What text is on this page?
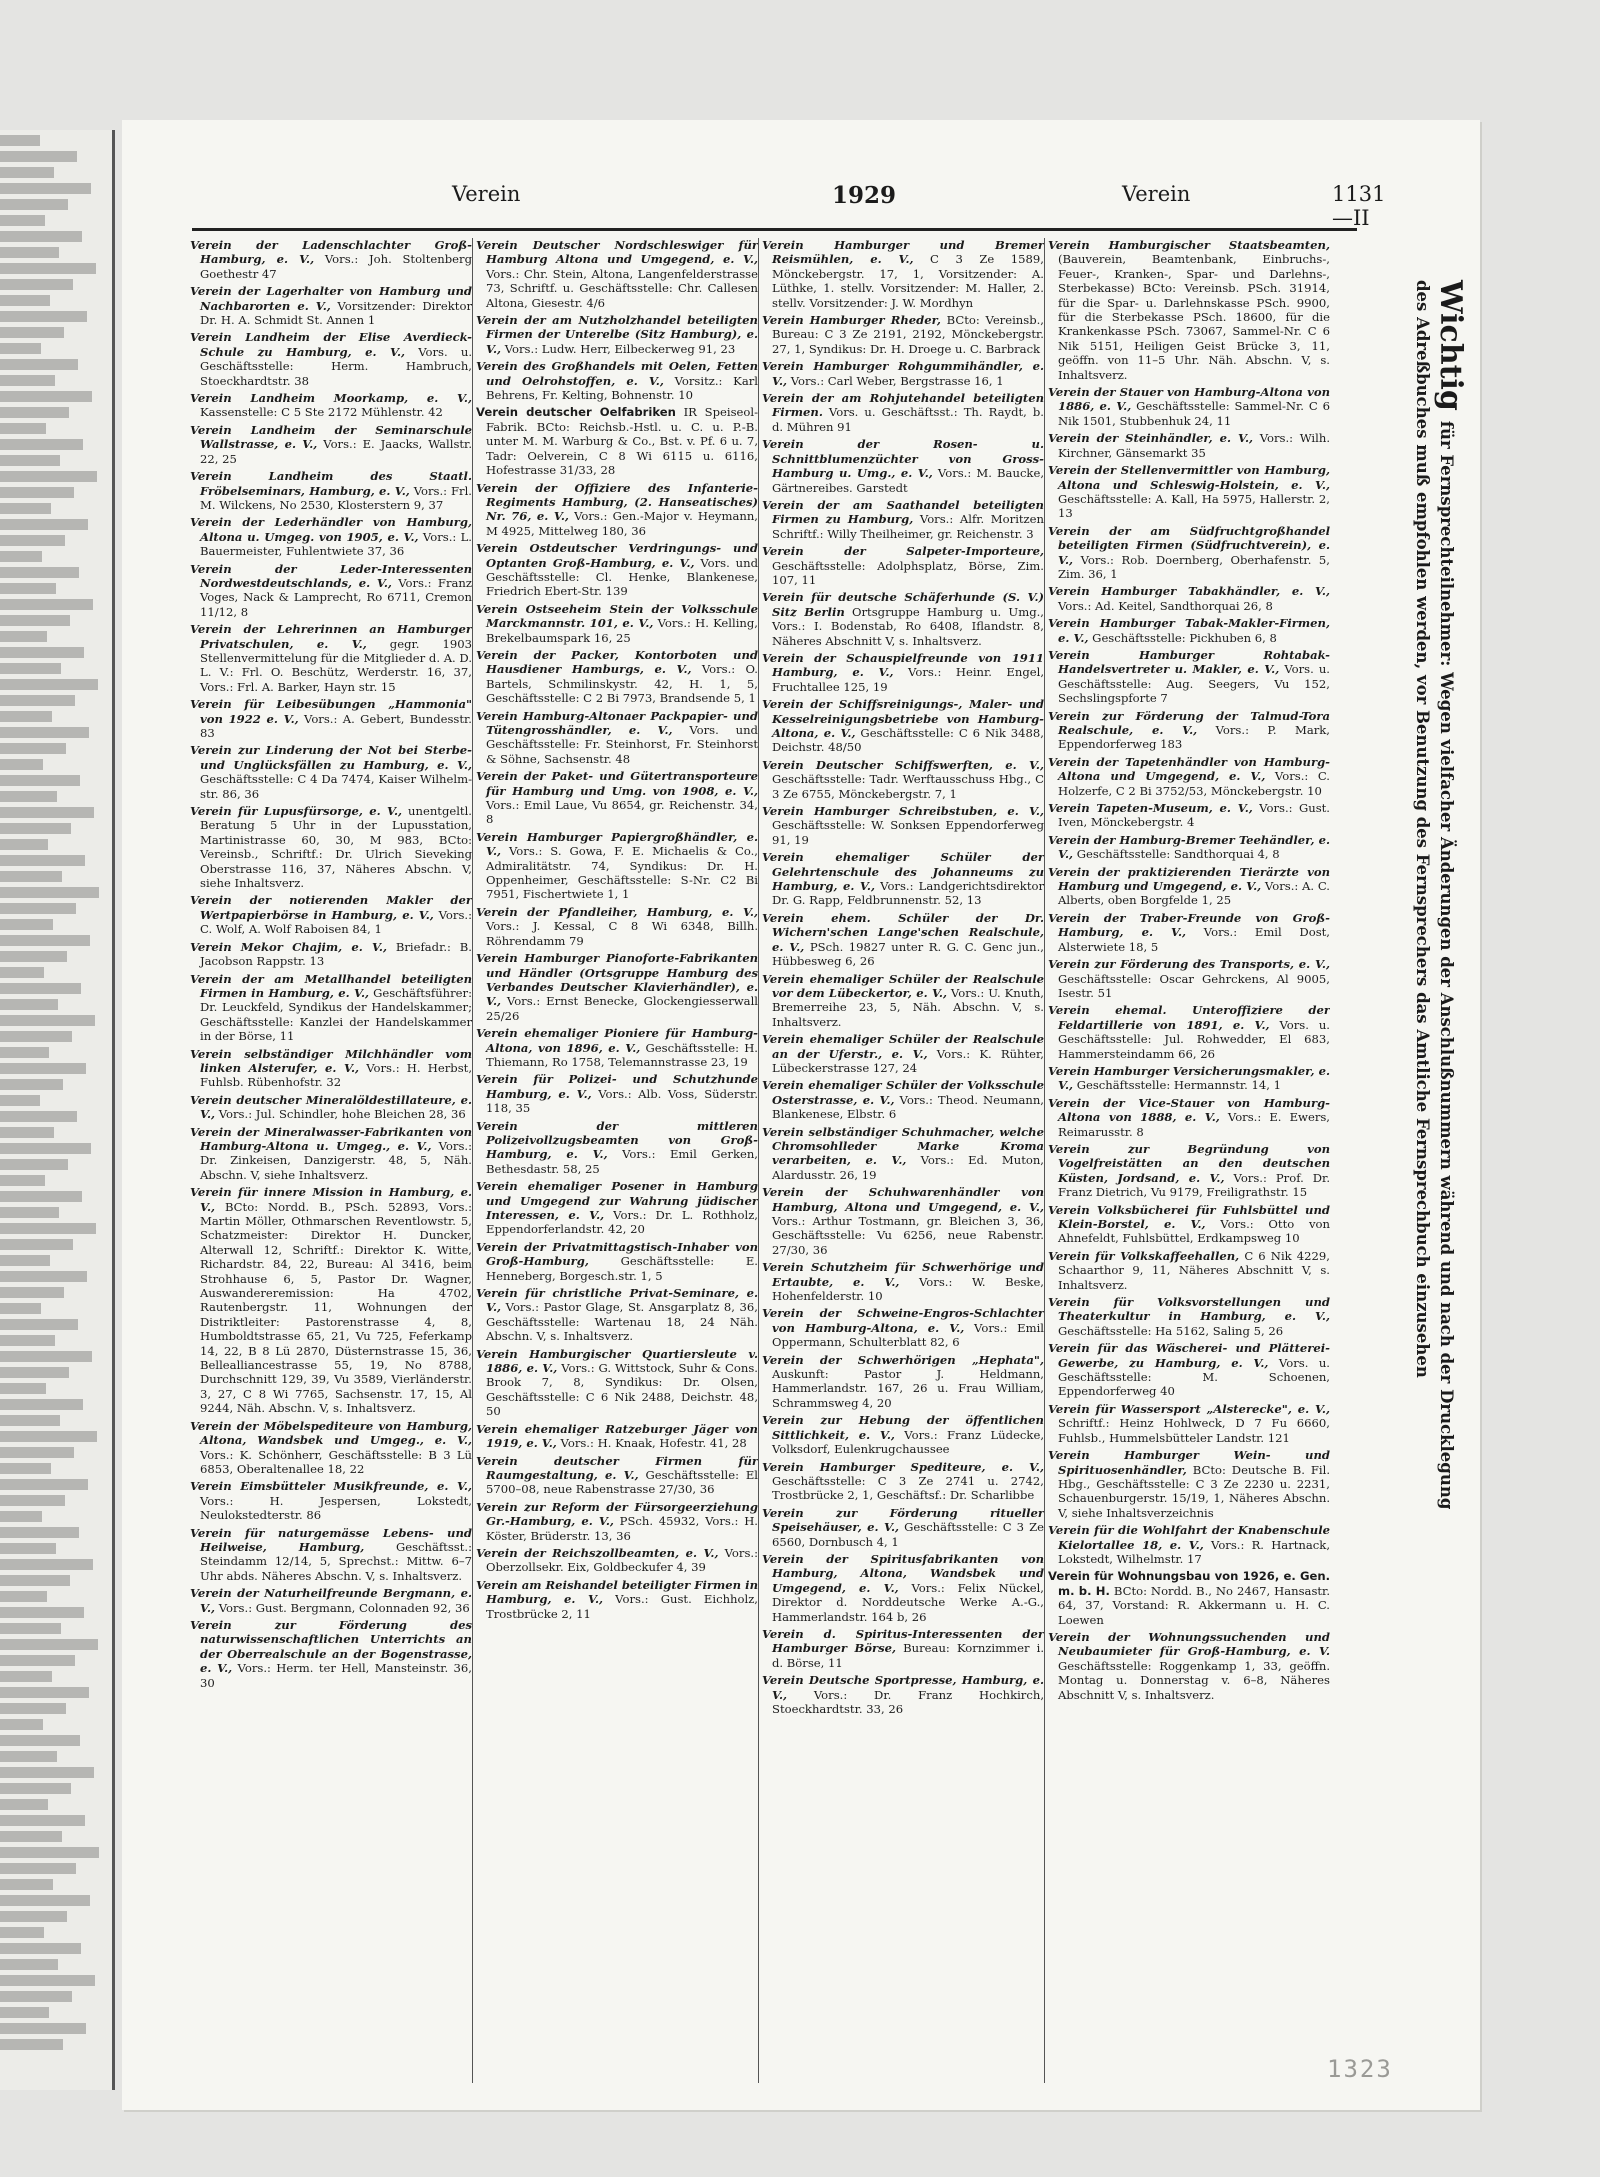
Verein	1929	Verein	1131—II
Verein der Ladenschlachter Groß-Hamburg, e. V., Vors.: Joh. Stoltenberg Goethestr 47
Verein der Lagerhalter von Hamburg und Nachbarorten e. V., Vorsitzender: Direktor Dr. H. A. Schmidt St. Annen 1
Verein Landheim der Elise Averdieck-Schule zu Hamburg, e. V., Vors. u. Geschäftsstelle: Herm. Hambruch, Stoeckhardtstr. 38
Verein Landheim Moorkamp, e. V., Kassenstelle: C 5 Ste 2172 Mühlenstr. 42
Verein Landheim der Seminarschule Wallstrasse, e. V., Vors.: E. Jaacks, Wallstr. 22, 25
Verein Landheim des Staatl. Fröbelseminars, Hamburg, e. V., Vors.: Frl. M. Wilckens, No 2530, Klosterstern 9, 37
Verein der Lederhändler von Hamburg, Altona u. Umgeg. von 1905, e. V., Vors.: L. Bauermeister, Fuhlentwiete 37, 36
Verein der Leder-Interessenten Nordwestdeutschlands, e. V., Vors.: Franz Voges, Nack & Lamprecht, Ro 6711, Cremon 11/12, 8
Verein der Lehrerinnen an Hamburger Privatschulen, e. V., gegr. 1903 Stellenvermittelung für die Mitglieder d. A. D. L. V.: Frl. O. Beschütz, Werderstr. 16, 37, Vors.: Frl. A. Barker, Hayn str. 15
Verein für Leibesübungen „Hammonia" von 1922 e. V., Vors.: A. Gebert, Bundesstr. 83
Verein zur Linderung der Not bei Sterbe- und Unglücksfällen zu Hamburg, e. V., Geschäftsstelle: C 4 Da 7474, Kaiser Wilhelm-str. 86, 36
Verein für Lupusfürsorge, e. V., unentgeltl. Beratung 5 Uhr in der Lupusstation, Martinistrasse 60, 30, M 983, BCto: Vereinsb., Schriftf.: Dr. Ulrich Sieveking Oberstrasse 116, 37, Näheres Abschn. V, siehe Inhaltsverz.
Verein der notierenden Makler der Wertpapierbörse in Hamburg, e. V., Vors.: C. Wolf, A. Wolf Raboisen 84, 1
Verein Mekor Chajim, e. V., Briefadr.: B. Jacobson Rappstr. 13
Verein der am Metallhandel beteiligten Firmen in Hamburg, e. V., Geschäftsführer: Dr. Leuckfeld, Syndikus der Handelskammer; Geschäftsstelle: Kanzlei der Handelskammer in der Börse, 11
Verein selbständiger Milchhändler vom linken Alsterufer, e. V., Vors.: H. Herbst, Fuhlsb. Rübenhofstr. 32
Verein deutscher Mineralöldestillateure, e. V., Vors.: Jul. Schindler, hohe Bleichen 28, 36
Verein der Mineralwasser-Fabrikanten von Hamburg-Altona u. Umgeg., e. V., Vors.: Dr. Zinkeisen, Danzigerstr. 48, 5, Näh. Abschn. V, siehe Inhaltsverz.
Verein für innere Mission in Hamburg, e. V., BCto: Nordd. B., PSch. 52893, Vors.: Martin Möller, Othmarschen Reventlowstr. 5, Schatzmeister: Direktor H. Duncker, Alterwall 12, Schriftf.: Direktor K. Witte, Richardstr. 84, 22, Bureau: Al 3416, beim Strohhause 6, 5, Pastor Dr. Wagner, Auswandereremission: Ha 4702, Rautenbergstr. 11, Wohnungen der Distriktleiter: Pastorenstrasse 4, 8, Humboldtstrasse 65, 21, Vu 725, Feferkamp 14, 22, B 8 Lü 2870, Düsternstrasse 15, 36, Bellealliancestrasse 55, 19, No 8788, Durchschnitt 129, 39, Vu 3589, Vierländerstr. 3, 27, C 8 Wi 7765, Sachsenstr. 17, 15, Al 9244, Näh. Abschn. V, s. Inhaltsverz.
Verein der Möbelspediteure von Hamburg, Altona, Wandsbek und Umgeg., e. V., Vors.: K. Schönherr, Geschäftsstelle: B 3 Lü 6853, Oberaltenallee 18, 22
Verein Eimsbütteler Musikfreunde, e. V., Vors.: H. Jespersen, Lokstedt, Neulokstedterstr. 86
Verein für naturgemässe Lebens- und Heilweise, Hamburg, Geschäftsst.: Steindamm 12/14, 5, Sprechst.: Mittw. 6–7 Uhr abds. Näheres Abschn. V, s. Inhaltsverz.
Verein der Naturheilfreunde Bergmann, e. V., Vors.: Gust. Bergmann, Colonnaden 92, 36
Verein zur Förderung des naturwissenschaftlichen Unterrichts an der Oberrealschule an der Bogenstrasse, e. V., Vors.: Herm. ter Hell, Mansteinstr. 36, 30
Verein Deutscher Nordschleswiger für Hamburg Altona und Umgegend, e. V., Vors.: Chr. Stein, Altona, Langenfelderstrasse 73, Schriftf. u. Geschäftsstelle: Chr. Callesen Altona, Giesestr. 4/6
Verein der am Nutzholzhandel beteiligten Firmen der Unterelbe (Sitz Hamburg), e. V., Vors.: Ludw. Herr, Eilbeckerweg 91, 23
Verein des Großhandels mit Oelen, Fetten und Oelrohstoffen, e. V., Vorsitz.: Karl Behrens, Fr. Kelting, Bohnenstr. 10
Verein deutscher Oelfabriken IR Speiseol-Fabrik. BCto: Reichsb.-Hstl. u. C. u. P.-B. unter M. M. Warburg & Co., Bst. v. Pf. 6 u. 7, Tadr: Oelverein, C 8 Wi 6115 u. 6116, Hofestrasse 31/33, 28
Verein der Offiziere des Infanterie-Regiments Hamburg, (2. Hanseatisches) Nr. 76, e. V., Vors.: Gen.-Major v. Heymann, M 4925, Mittelweg 180, 36
Verein Ostdeutscher Verdringungs- und Optanten Groß-Hamburg, e. V., Vors. und Geschäftsstelle: Cl. Henke, Blankenese, Friedrich Ebert-Str. 139
Verein Ostseeheim Stein der Volksschule Marckmannstr. 101, e. V., Vors.: H. Kelling, Brekelbaumspark 16, 25
Verein der Packer, Kontorboten und Hausdiener Hamburgs, e. V., Vors.: O. Bartels, Schmilinskystr. 42, H. 1, 5, Geschäftsstelle: C 2 Bi 7973, Brandsende 5, 1
Verein Hamburg-Altonaer Packpapier- und Tütengrosshändler, e. V., Vors. und Geschäftsstelle: Fr. Steinhorst, Fr. Steinhorst & Söhne, Sachsenstr. 48
Verein der Paket- und Gütertransporteure für Hamburg und Umg. von 1908, e. V., Vors.: Emil Laue, Vu 8654, gr. Reichenstr. 34, 8
Verein Hamburger Papiergroßhändler, e. V., Vors.: S. Gowa, F. E. Michaelis & Co., Admiralitätstr. 74, Syndikus: Dr. H. Oppenheimer, Geschäftsstelle: S-Nr. C2 Bi 7951, Fischertwiete 1, 1
Verein der Pfandleiher, Hamburg, e. V., Vors.: J. Kessal, C 8 Wi 6348, Billh. Röhrendamm 79
Verein Hamburger Pianoforte-Fabrikanten und Händler (Ortsgruppe Hamburg des Verbandes Deutscher Klavierhändler), e. V., Vors.: Ernst Benecke, Glockengiesserwall 25/26
Verein ehemaliger Pioniere für Hamburg-Altona, von 1896, e. V., Geschäftsstelle: H. Thiemann, Ro 1758, Telemannstrasse 23, 19
Verein für Polizei- und Schutzhunde Hamburg, e. V., Vors.: Alb. Voss, Süderstr. 118, 35
Verein der mittleren Polizeivollzugsbeamten von Groß-Hamburg, e. V., Vors.: Emil Gerken, Bethesdastr. 58, 25
Verein ehemaliger Posener in Hamburg und Umgegend zur Wahrung jüdischer Interessen, e. V., Vors.: Dr. L. Rothholz, Eppendorferlandstr. 42, 20
Verein der Privatmittagstisch-Inhaber von Groß-Hamburg, Geschäftsstelle: E. Henneberg, Borgesch.str. 1, 5
Verein für christliche Privat-Seminare, e. V., Vors.: Pastor Glage, St. Ansgarplatz 8, 36, Geschäftsstelle: Wartenau 18, 24 Näh. Abschn. V, s. Inhaltsverz.
Verein Hamburgischer Quartiersleute v. 1886, e. V., Vors.: G. Wittstock, Suhr & Cons. Brook 7, 8, Syndikus: Dr. Olsen, Geschäftsstelle: C 6 Nik 2488, Deichstr. 48, 50
Verein ehemaliger Ratzeburger Jäger von 1919, e. V., Vors.: H. Knaak, Hofestr. 41, 28
Verein deutscher Firmen für Raumgestaltung, e. V., Geschäftsstelle: El 5700–08, neue Rabenstrasse 27/30, 36
Verein zur Reform der Fürsorgeerziehung Gr.-Hamburg, e. V., PSch. 45932, Vors.: H. Köster, Brüderstr. 13, 36
Verein der Reichszollbeamten, e. V., Vors.: Oberzollsekr. Eix, Goldbeckufer 4, 39
Verein am Reishandel beteiligter Firmen in Hamburg, e. V., Vors.: Gust. Eichholz, Trostbrücke 2, 11
Verein Hamburger und Bremer Reismühlen, e. V., C 3 Ze 1589, Mönckebergstr. 17, 1, Vorsitzender: A. Lüthke, 1. stellv. Vorsitzender: M. Haller, 2. stellv. Vorsitzender: J. W. Mordhyn
Verein Hamburger Rheder, BCto: Vereinsb., Bureau: C 3 Ze 2191, 2192, Mönckebergstr. 27, 1, Syndikus: Dr. H. Droege u. C. Barbrack
Verein Hamburger Rohgummihändler, e. V., Vors.: Carl Weber, Bergstrasse 16, 1
Verein der am Rohjutehandel beteiligten Firmen. Vors. u. Geschäftsst.: Th. Raydt, b. d. Mühren 91
Verein der Rosen- u. Schnittblumenzüchter von Gross-Hamburg u. Umg., e. V., Vors.: M. Baucke, Gärtnereibes. Garstedt
Verein der am Saathandel beteiligten Firmen zu Hamburg, Vors.: Alfr. Moritzen Schriftf.: Willy Theilheimer, gr. Reichenstr. 3
Verein der Salpeter-Importeure, Geschäftsstelle: Adolphsplatz, Börse, Zim. 107, 11
Verein für deutsche Schäferhunde (S. V.) Sitz Berlin Ortsgruppe Hamburg u. Umg., Vors.: I. Bodenstab, Ro 6408, Iflandstr. 8, Näheres Abschnitt V, s. Inhaltsverz.
Verein der Schauspielfreunde von 1911 Hamburg, e. V., Vors.: Heinr. Engel, Fruchtallee 125, 19
Verein der Schiffsreinigungs-, Maler- und Kesselreinigungsbetriebe von Hamburg-Altona, e. V., Geschäftsstelle: C 6 Nik 3488, Deichstr. 48/50
Verein Deutscher Schiffswerften, e. V., Geschäftsstelle: Tadr. Werftausschuss Hbg., C 3 Ze 6755, Mönckebergstr. 7, 1
Verein Hamburger Schreibstuben, e. V., Geschäftsstelle: W. Sonksen Eppendorferweg 91, 19
Verein ehemaliger Schüler der Gelehrtenschule des Johanneums zu Hamburg, e. V., Vors.: Landgerichtsdirektor Dr. G. Rapp, Feldbrunnenstr. 52, 13
Verein ehem. Schüler der Dr. Wichern'schen Lange'schen Realschule, e. V., PSch. 19827 unter R. G. C. Genc jun., Hübbesweg 6, 26
Verein ehemaliger Schüler der Realschule vor dem Lübeckertor, e. V., Vors.: U. Knuth, Bremerreihe 23, 5, Näh. Abschn. V, s. Inhaltsverz.
Verein ehemaliger Schüler der Realschule an der Uferstr., e. V., Vors.: K. Rühter, Lübeckerstrasse 127, 24
Verein ehemaliger Schüler der Volksschule Osterstrasse, e. V., Vors.: Theod. Neumann, Blankenese, Elbstr. 6
Verein selbständiger Schuhmacher, welche Chromsohlleder Marke Kroma verarbeiten, e. V., Vors.: Ed. Muton, Alardusstr. 26, 19
Verein der Schuhwarenhändler von Hamburg, Altona und Umgegend, e. V., Vors.: Arthur Tostmann, gr. Bleichen 3, 36, Geschäftsstelle: Vu 6256, neue Rabenstr. 27/30, 36
Verein Schutzheim für Schwerhörige und Ertaubte, e. V., Vors.: W. Beske, Hohenfelderstr. 10
Verein der Schweine-Engros-Schlachter von Hamburg-Altona, e. V., Vors.: Emil Oppermann, Schulterblatt 82, 6
Verein der Schwerhörigen „Hephata", Auskunft: Pastor J. Heldmann, Hammerlandstr. 167, 26 u. Frau William, Schrammsweg 4, 20
Verein zur Hebung der öffentlichen Sittlichkeit, e. V., Vors.: Franz Lüdecke, Volksdorf, Eulenkrugchaussee
Verein Hamburger Spediteure, e. V., Geschäftsstelle: C 3 Ze 2741 u. 2742, Trostbrücke 2, 1, Geschäftsf.: Dr. Scharlibbe
Verein zur Förderung ritueller Speisehäuser, e. V., Geschäftsstelle: C 3 Ze 6560, Dornbusch 4, 1
Verein der Spiritusfabrikanten von Hamburg, Altona, Wandsbek und Umgegend, e. V., Vors.: Felix Nückel, Direktor d. Norddeutsche Werke A.-G., Hammerlandstr. 164 b, 26
Verein d. Spiritus-Interessenten der Hamburger Börse, Bureau: Kornzimmer i. d. Börse, 11
Verein Deutsche Sportpresse, Hamburg, e. V., Vors.: Dr. Franz Hochkirch, Stoeckhardtstr. 33, 26
Verein Hamburgischer Staatsbeamten, (Bauverein, Beamtenbank, Einbruchs-, Feuer-, Kranken-, Spar- und Darlehns-, Sterbekasse) BCto: Vereinsb. PSch. 31914, für die Spar- u. Darlehnskasse PSch. 9900, für die Sterbekasse PSch. 18600, für die Krankenkasse PSch. 73067, Sammel-Nr. C 6 Nik 5151, Heiligen Geist Brücke 3, 11, geöffn. von 11–5 Uhr. Näh. Abschn. V, s. Inhaltsverz.
Verein der Stauer von Hamburg-Altona von 1886, e. V., Geschäftsstelle: Sammel-Nr. C 6 Nik 1501, Stubbenhuk 24, 11
Verein der Steinhändler, e. V., Vors.: Wilh. Kirchner, Gänsemarkt 35
Verein der Stellenvermittler von Hamburg, Altona und Schleswig-Holstein, e. V., Geschäftsstelle: A. Kall, Ha 5975, Hallerstr. 2, 13
Verein der am Südfruchtgroßhandel beteiligten Firmen (Südfruchtverein), e. V., Vors.: Rob. Doernberg, Oberhafenstr. 5, Zim. 36, 1
Verein Hamburger Tabakhändler, e. V., Vors.: Ad. Keitel, Sandthorquai 26, 8
Verein Hamburger Tabak-Makler-Firmen, e. V., Geschäftsstelle: Pickhuben 6, 8
Verein Hamburger Rohtabak-Handelsvertreter u. Makler, e. V., Vors. u. Geschäftsstelle: Aug. Seegers, Vu 152, Sechslingspforte 7
Verein zur Förderung der Talmud-Tora Realschule, e. V., Vors.: P. Mark, Eppendorferweg 183
Verein der Tapetenhändler von Hamburg-Altona und Umgegend, e. V., Vors.: C. Holzerfe, C 2 Bi 3752/53, Mönckebergstr. 10
Verein Tapeten-Museum, e. V., Vors.: Gust. Iven, Mönckebergstr. 4
Verein der Hamburg-Bremer Teehändler, e. V., Geschäftsstelle: Sandthorquai 4, 8
Verein der praktizierenden Tierärzte von Hamburg und Umgegend, e. V., Vors.: A. C. Alberts, oben Borgfelde 1, 25
Verein der Traber-Freunde von Groß-Hamburg, e. V., Vors.: Emil Dost, Alsterwiete 18, 5
Verein zur Förderung des Transports, e. V., Geschäftsstelle: Oscar Gehrckens, Al 9005, Isestr. 51
Verein ehemal. Unteroffiziere der Feldartillerie von 1891, e. V., Vors. u. Geschäftsstelle: Jul. Rohwedder, El 683, Hammersteindamm 66, 26
Verein Hamburger Versicherungsmakler, e. V., Geschäftsstelle: Hermannstr. 14, 1
Verein der Vice-Stauer von Hamburg-Altona von 1888, e. V., Vors.: E. Ewers, Reimarusstr. 8
Verein zur Begründung von Vogelfreistätten an den deutschen Küsten, Jordsand, e. V., Vors.: Prof. Dr. Franz Dietrich, Vu 9179, Freiligrathstr. 15
Verein Volksbücherei für Fuhlsbüttel und Klein-Borstel, e. V., Vors.: Otto von Ahnefeldt, Fuhlsbüttel, Erdkampsweg 10
Verein für Volkskaffeehallen, C 6 Nik 4229, Schaarthor 9, 11, Näheres Abschnitt V, s. Inhaltsverz.
Verein für Volksvorstellungen und Theaterkultur in Hamburg, e. V., Geschäftsstelle: Ha 5162, Saling 5, 26
Verein für das Wäscherei- und Plätterei-Gewerbe, zu Hamburg, e. V., Vors. u. Geschäftsstelle: M. Schoenen, Eppendorferweg 40
Verein für Wassersport „Alsterecke", e. V., Schriftf.: Heinz Hohlweck, D 7 Fu 6660, Fuhlsb., Hummelsbütteler Landstr. 121
Verein Hamburger Wein- und Spirituosenhändler, BCto: Deutsche B. Fil. Hbg., Geschäftsstelle: C 3 Ze 2230 u. 2231, Schauenburgerstr. 15/19, 1, Näheres Abschn. V, siehe Inhaltsverzeichnis
Verein für die Wohlfahrt der Knabenschule Kielortallee 18, e. V., Vors.: R. Hartnack, Lokstedt, Wilhelmstr. 17
Verein für Wohnungsbau von 1926, e. Gen. m. b. H. BCto: Nordd. B., No 2467, Hansastr. 64, 37, Vorstand: R. Akkermann u. H. C. Loewen
Verein der Wohnungssuchenden und Neubaumieter für Groß-Hamburg, e. V. Geschäftsstelle: Roggenkamp 1, 33, geöffn. Montag u. Donnerstag v. 6–8, Näheres Abschnitt V, s. Inhaltsverz.
Wichtigfür Fernsprechteilnehmer: Wegen vielfacher Änderungen der Anschlußnummern während und nach der Drucklegung
des Adreßbuches muß empfohlen werden, vor Benutzung des Fernsprechers das Amtliche Fernsprechbuch einzusehen
1323
